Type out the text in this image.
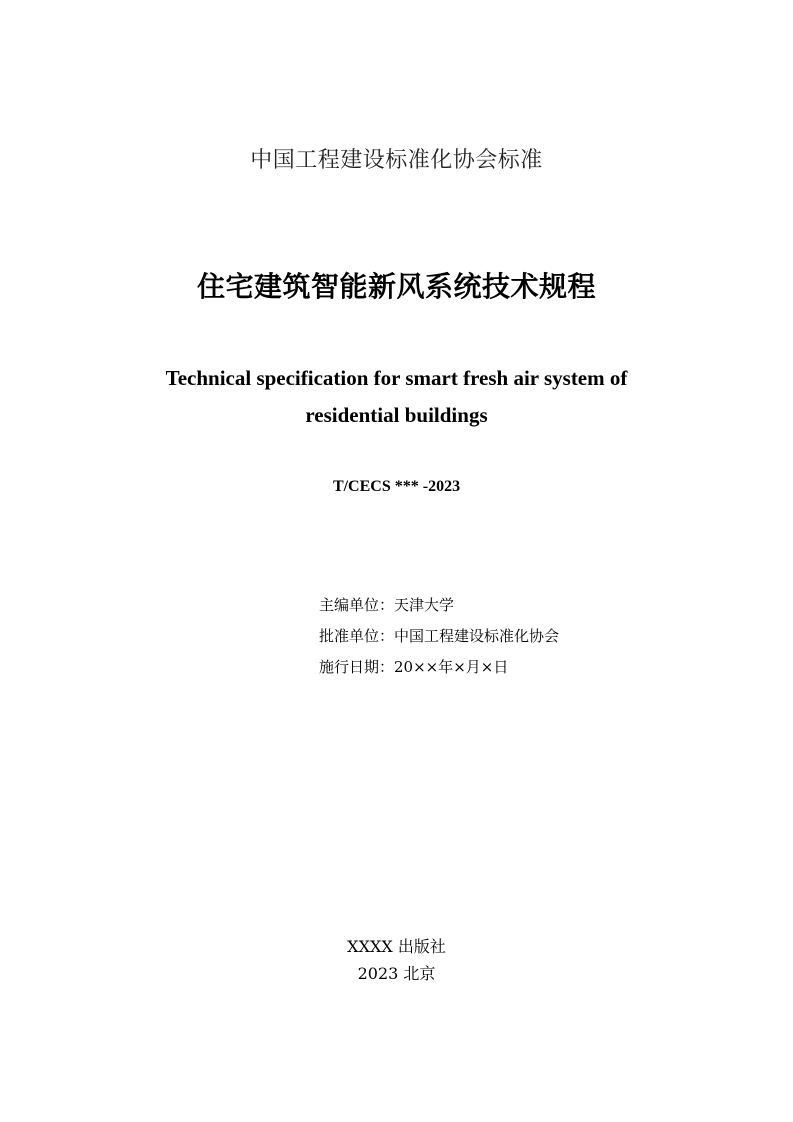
中国工程建设标准化协会标准
住宅建筑智能新风系统技术规程
Technical specification for smart fresh air system of
residential buildings
T/CECS *** -2023
主编单位：天津大学
批准单位：中国工程建设标准化协会
施行日期：20××年×月×日
XXXX 出版社
2023 北京
